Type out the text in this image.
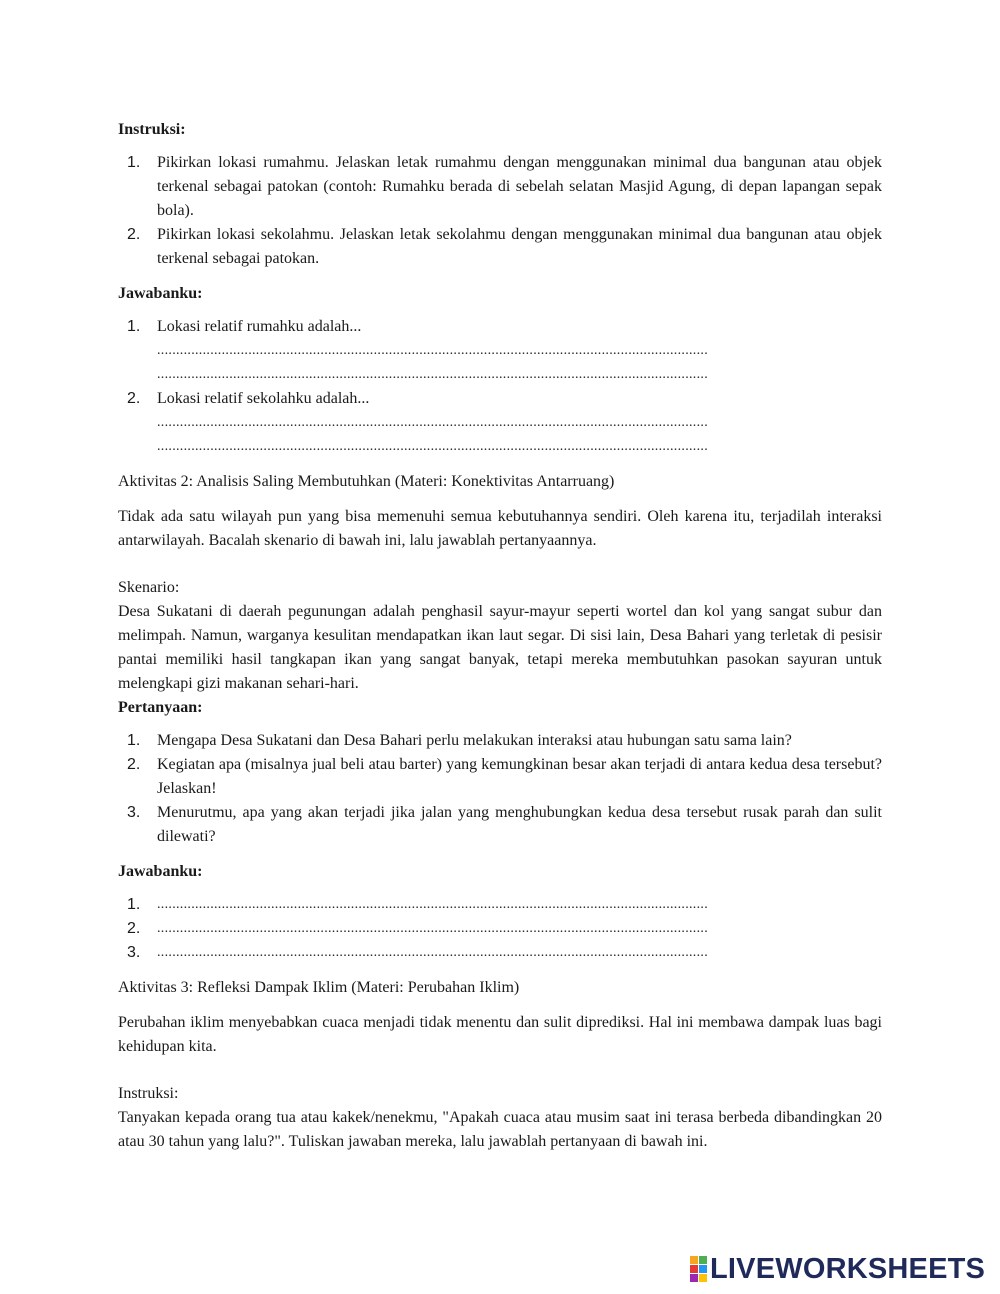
Instruksi:

1. Pikirkan lokasi rumahmu. Jelaskan letak rumahmu dengan menggunakan minimal dua bangunan atau objek terkenal sebagai patokan (contoh: Rumahku berada di sebelah selatan Masjid Agung, di depan lapangan sepak bola).
2. Pikirkan lokasi sekolahmu. Jelaskan letak sekolahmu dengan menggunakan minimal dua bangunan atau objek terkenal sebagai patokan.

Jawabanku:

1. Lokasi relatif rumahku adalah...
.................................................................................................................................................
.................................................................................................................................................
2. Lokasi relatif sekolahku adalah...
.................................................................................................................................................
.................................................................................................................................................

Aktivitas 2: Analisis Saling Membutuhkan (Materi: Konektivitas Antarruang)

Tidak ada satu wilayah pun yang bisa memenuhi semua kebutuhannya sendiri. Oleh karena itu, terjadilah interaksi antarwilayah. Bacalah skenario di bawah ini, lalu jawablah pertanyaannya.

Skenario:

Desa Sukatani di daerah pegunungan adalah penghasil sayur-mayur seperti wortel dan kol yang sangat subur dan melimpah. Namun, warganya kesulitan mendapatkan ikan laut segar. Di sisi lain, Desa Bahari yang terletak di pesisir pantai memiliki hasil tangkapan ikan yang sangat banyak, tetapi mereka membutuhkan pasokan sayuran untuk melengkapi gizi makanan sehari-hari.

Pertanyaan:

1. Mengapa Desa Sukatani dan Desa Bahari perlu melakukan interaksi atau hubungan satu sama lain?
2. Kegiatan apa (misalnya jual beli atau barter) yang kemungkinan besar akan terjadi di antara kedua desa tersebut? Jelaskan!
3. Menurutmu, apa yang akan terjadi jika jalan yang menghubungkan kedua desa tersebut rusak parah dan sulit dilewati?

Jawabanku:

1. .................................................................................................................................................
2. .................................................................................................................................................
3. .................................................................................................................................................

Aktivitas 3: Refleksi Dampak Iklim (Materi: Perubahan Iklim)

Perubahan iklim menyebabkan cuaca menjadi tidak menentu dan sulit diprediksi. Hal ini membawa dampak luas bagi kehidupan kita.

Instruksi:

Tanyakan kepada orang tua atau kakek/nenekmu, "Apakah cuaca atau musim saat ini terasa berbeda dibandingkan 20 atau 30 tahun yang lalu?". Tuliskan jawaban mereka, lalu jawablah pertanyaan di bawah ini.

LIVEWORKSHEETS
